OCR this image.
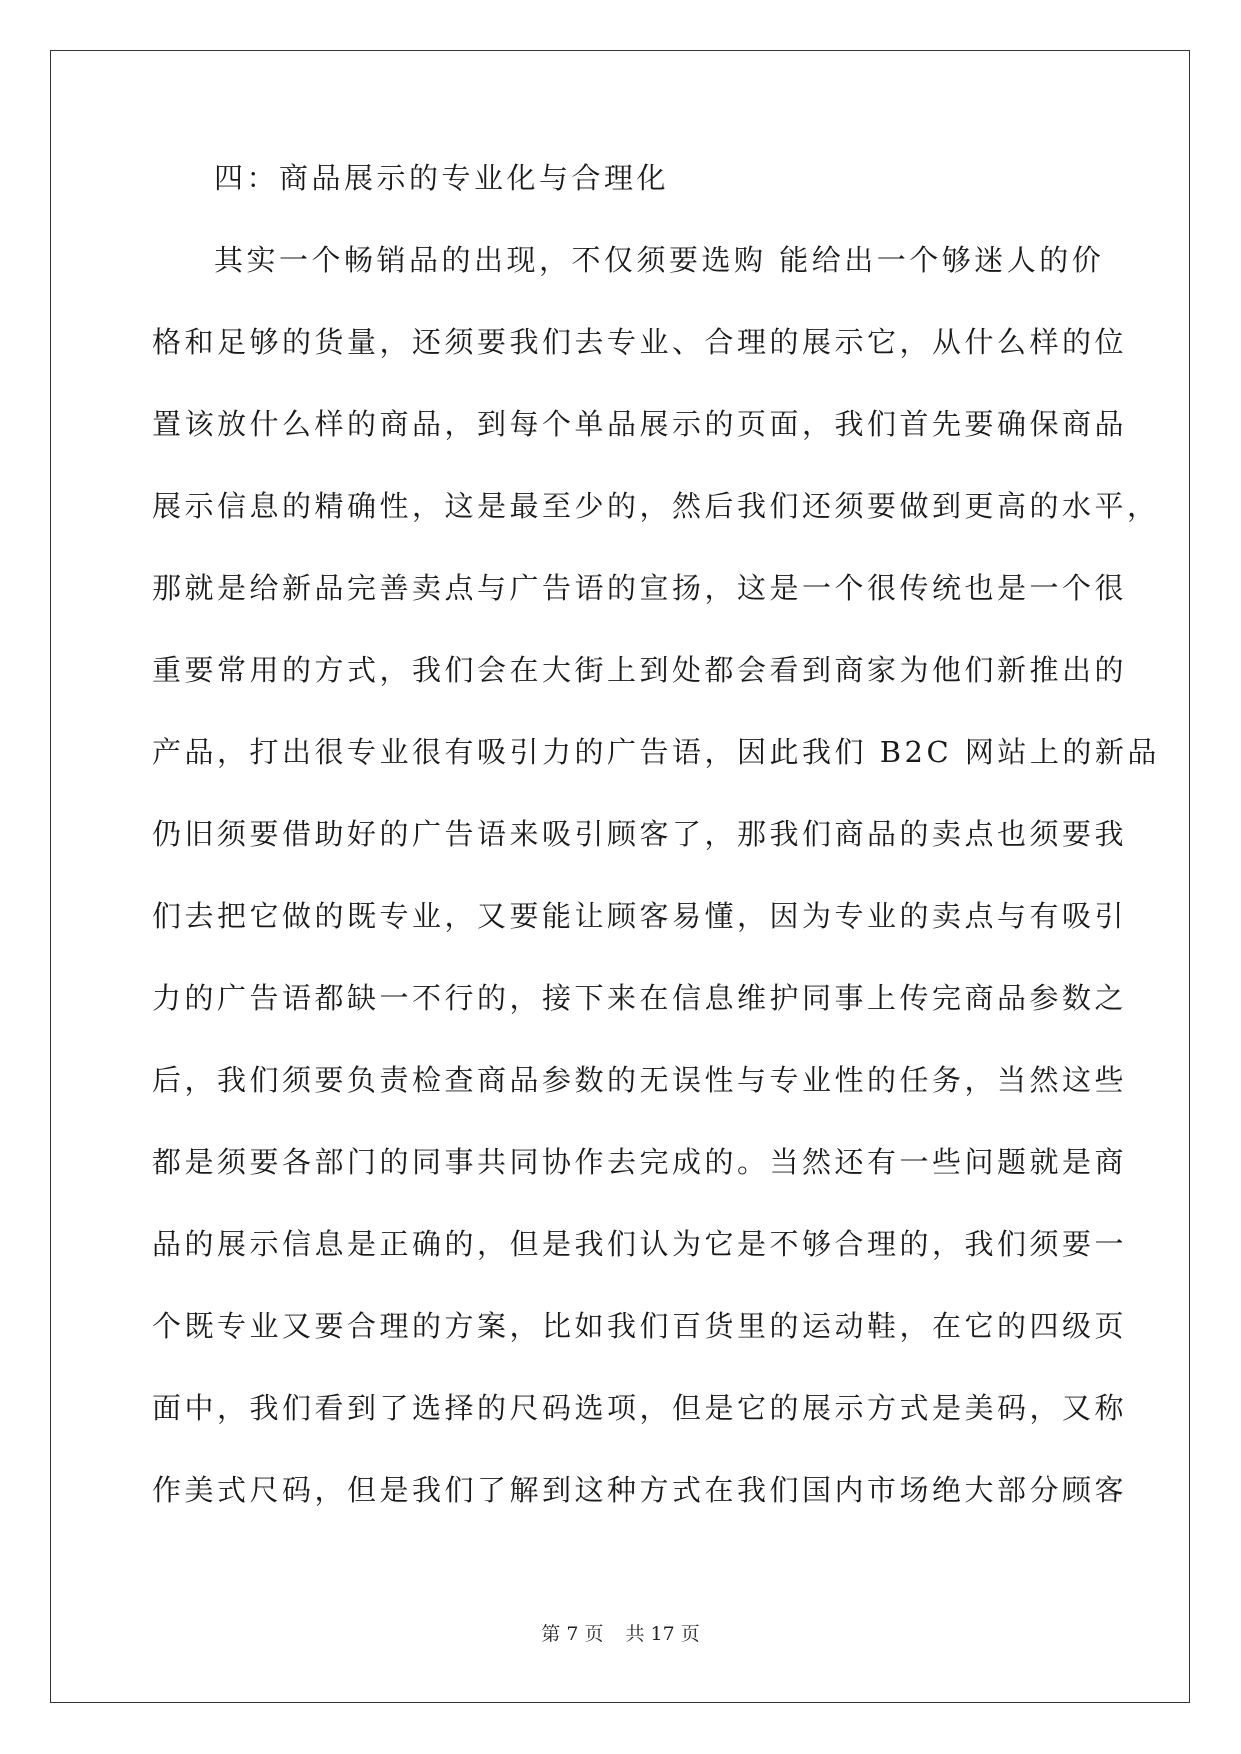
四：商品展示的专业化与合理化
其实一个畅销品的出现，不仅须要选购 能给出一个够迷人的价
格和足够的货量，还须要我们去专业、合理的展示它，从什么样的位
置该放什么样的商品，到每个单品展示的页面，我们首先要确保商品
展示信息的精确性，这是最至少的，然后我们还须要做到更高的水平，
那就是给新品完善卖点与广告语的宣扬，这是一个很传统也是一个很
重要常用的方式，我们会在大街上到处都会看到商家为他们新推出的
产品，打出很专业很有吸引力的广告语，因此我们 B2C 网站上的新品
仍旧须要借助好的广告语来吸引顾客了，那我们商品的卖点也须要我
们去把它做的既专业，又要能让顾客易懂，因为专业的卖点与有吸引
力的广告语都缺一不行的，接下来在信息维护同事上传完商品参数之
后，我们须要负责检查商品参数的无误性与专业性的任务，当然这些
都是须要各部门的同事共同协作去完成的。当然还有一些问题就是商
品的展示信息是正确的，但是我们认为它是不够合理的，我们须要一
个既专业又要合理的方案，比如我们百货里的运动鞋，在它的四级页
面中，我们看到了选择的尺码选项，但是它的展示方式是美码，又称
作美式尺码，但是我们了解到这种方式在我们国内市场绝大部分顾客
第 7 页 共 17 页
